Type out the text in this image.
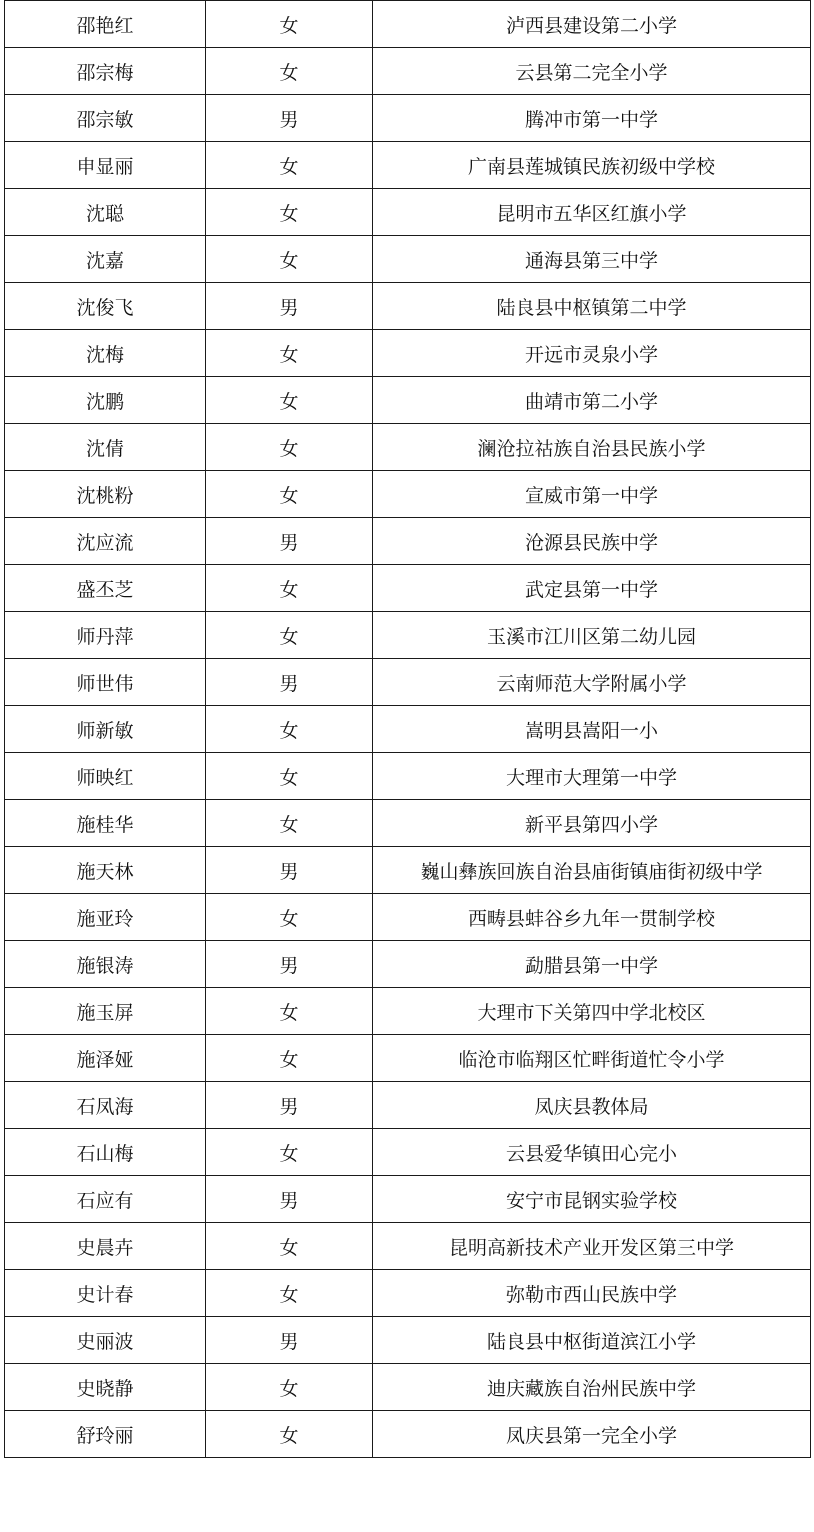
邵艳红	女	泸西县建设第二小学
邵宗梅	女	云县第二完全小学
邵宗敏	男	腾冲市第一中学
申显丽	女	广南县莲城镇民族初级中学校
沈聪	女	昆明市五华区红旗小学
沈嘉	女	通海县第三中学
沈俊飞	男	陆良县中枢镇第二中学
沈梅	女	开远市灵泉小学
沈鹏	女	曲靖市第二小学
沈倩	女	澜沧拉祜族自治县民族小学
沈桃粉	女	宣威市第一中学
沈应流	男	沧源县民族中学
盛丕芝	女	武定县第一中学
师丹萍	女	玉溪市江川区第二幼儿园
师世伟	男	云南师范大学附属小学
师新敏	女	嵩明县嵩阳一小
师映红	女	大理市大理第一中学
施桂华	女	新平县第四小学
施天林	男	巍山彝族回族自治县庙街镇庙街初级中学
施亚玲	女	西畴县蚌谷乡九年一贯制学校
施银涛	男	勐腊县第一中学
施玉屏	女	大理市下关第四中学北校区
施泽娅	女	临沧市临翔区忙畔街道忙令小学
石凤海	男	凤庆县教体局
石山梅	女	云县爱华镇田心完小
石应有	男	安宁市昆钢实验学校
史晨卉	女	昆明高新技术产业开发区第三中学
史计春	女	弥勒市西山民族中学
史丽波	男	陆良县中枢街道滨江小学
史晓静	女	迪庆藏族自治州民族中学
舒玲丽	女	凤庆县第一完全小学
